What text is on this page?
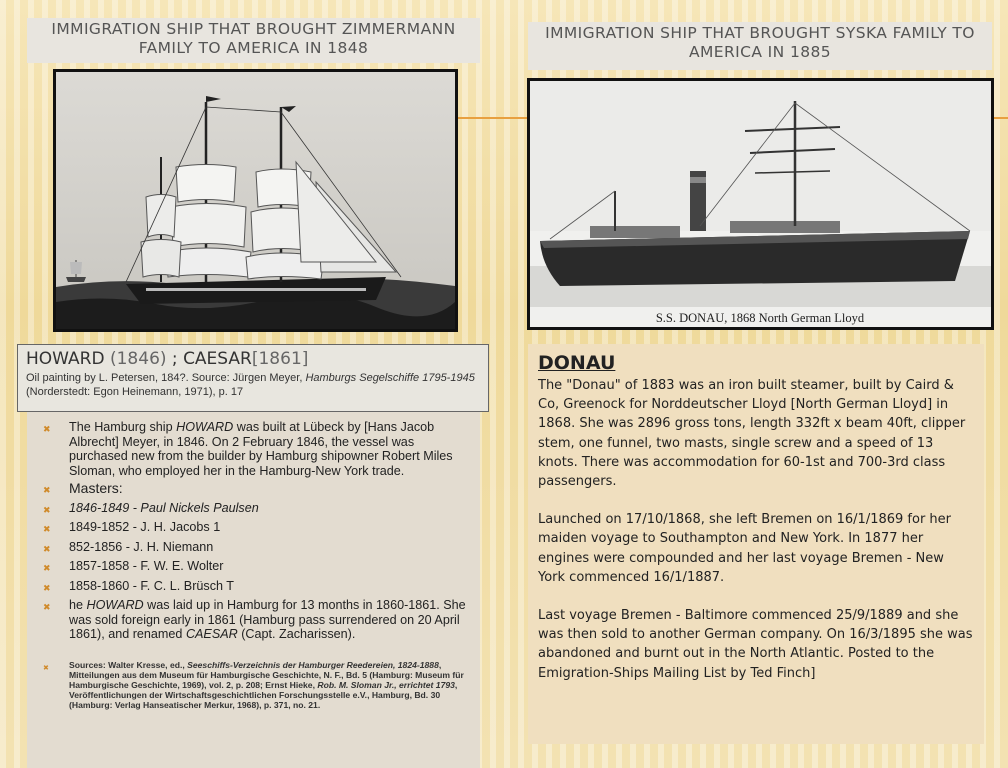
IMMIGRATION SHIP THAT BROUGHT ZIMMERMANN FAMILY TO AMERICA IN 1848
IMMIGRATION SHIP THAT BROUGHT SYSKA FAMILY TO AMERICA IN 1885
S.S. DONAU, 1868 North German Lloyd
HOWARD (1846) ; CAESAR[1861]
Oil painting by L. Petersen, 184?. Source: Jürgen Meyer, Hamburgs Segelschiffe 1795-1945 (Norderstedt: Egon Heinemann, 1971), p. 17
✖	The Hamburg ship HOWARD was built at Lübeck by [Hans Jacob Albrecht] Meyer, in 1846. On 2 February 1846, the vessel was purchased new from the builder by Hamburg shipowner Robert Miles Sloman, who employed her in the Hamburg-New York trade.
✖	Masters:
✖	1846-1849 - Paul Nickels Paulsen
✖	1849-1852 - J. H. Jacobs 1
✖	852-1856 - J. H. Niemann
✖	1857-1858 - F. W. E. Wolter
✖	1858-1860 - F. C. L. Brüsch T
✖	he HOWARD was laid up in Hamburg for 13 months in 1860-1861. She was sold foreign early in 1861 (Hamburg pass surrendered on 20 April 1861), and renamed CAESAR (Capt. Zacharissen).
✖	Sources: Walter Kresse, ed., Seeschiffs-Verzeichnis der Hamburger Reedereien, 1824-1888, Mitteilungen aus dem Museum für Hamburgische Geschichte, N. F., Bd. 5 (Hamburg: Museum für Hamburgische Geschichte, 1969), vol. 2, p. 208; Ernst Hieke, Rob. M. Sloman Jr., errichtet 1793, Veröffentlichungen der Wirtschaftsgeschichtlichen Forschungsstelle e.V., Hamburg, Bd. 30 (Hamburg: Verlag Hanseatischer Merkur, 1968), p. 371, no. 21.
DONAU

The "Donau" of 1883 was an iron built steamer, built by Caird & Co, Greenock for Norddeutscher Lloyd [North German Lloyd] in 1868. She was 2896 gross tons, length 332ft x beam 40ft, clipper stem, one funnel, two masts, single screw and a speed of 13 knots. There was accommodation for 60-1st and 700-3rd class passengers.

Launched on 17/10/1868, she left Bremen on 16/1/1869 for her maiden voyage to Southampton and New York. In 1877 her engines were compounded and her last voyage Bremen - New York commenced 16/1/1887.

Last voyage Bremen - Baltimore commenced 25/9/1889 and she was then sold to another German company. On 16/3/1895 she was abandoned and burnt out in the North Atlantic. Posted to the Emigration-Ships Mailing List by Ted Finch]
